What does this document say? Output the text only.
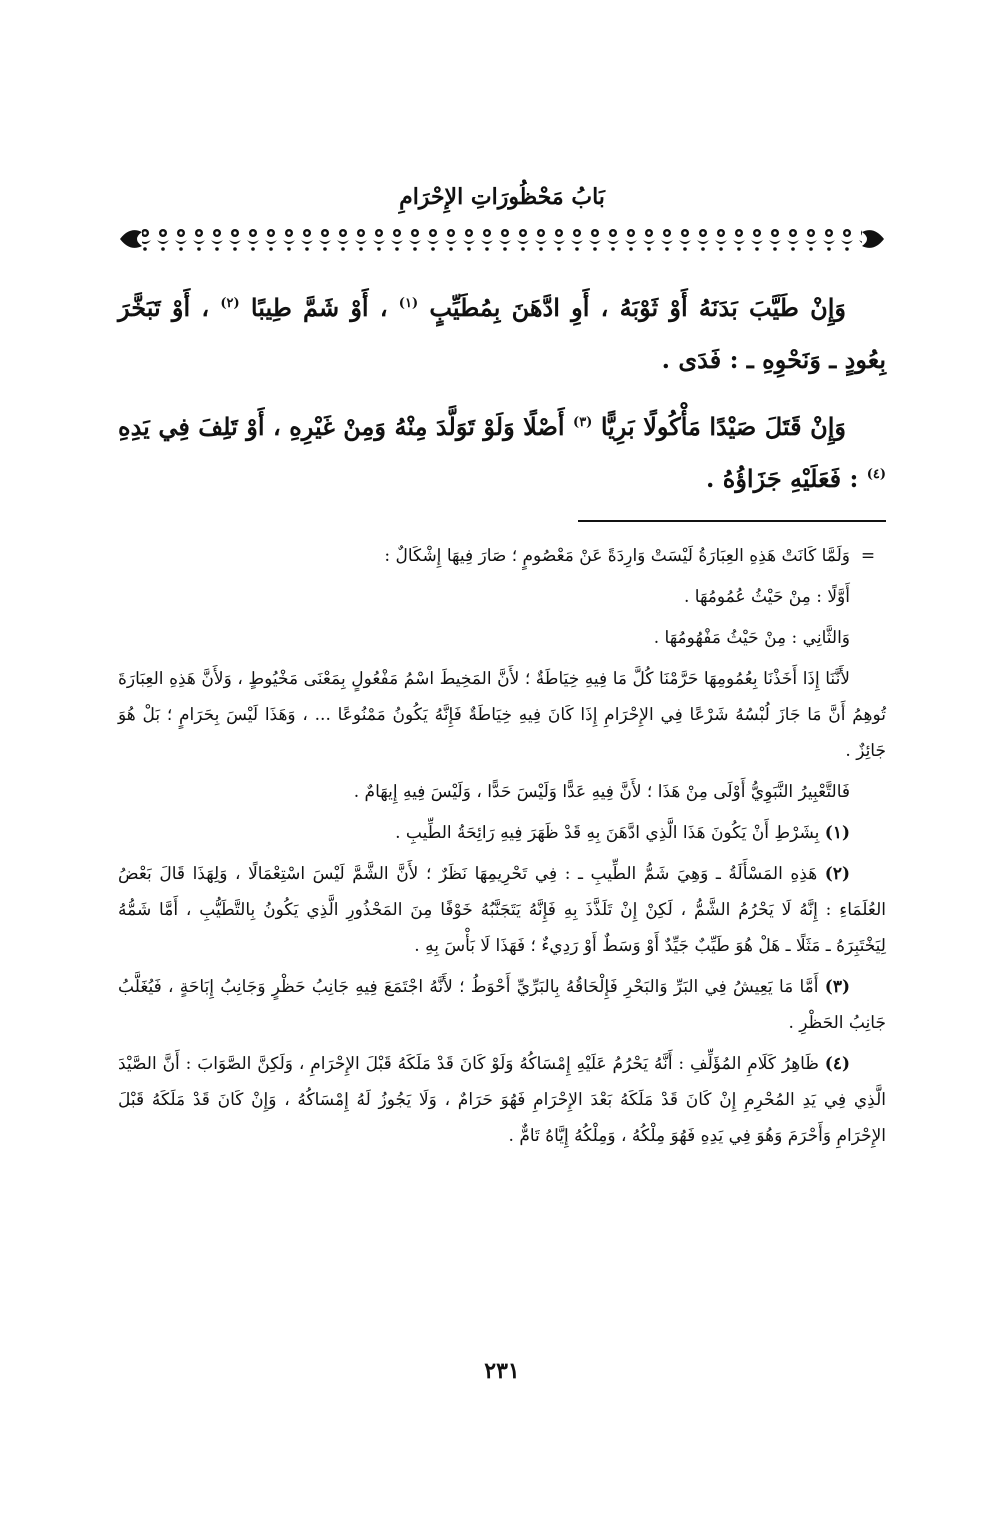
بَابُ مَحْظُورَاتِ الإِحْرَامِ

وَإِنْ طَيَّبَ بَدَنَهُ أَوْ ثَوْبَهُ ، أَوِ ادَّهَنَ بِمُطَيِّبٍ $^{(١)}$ ، أَوْ شَمَّ طِيبًا $^{(٢)}$ ، أَوْ تَبَخَّرَ بِعُودٍ ـ وَنَحْوِهِ ـ : فَدَى .

وَإِنْ قَتَلَ صَيْدًا مَأْكُولًا بَرِيًّا $^{(٣)}$ أَصْلًا وَلَوْ تَوَلَّدَ مِنْهُ وَمِنْ غَيْرِهِ ، أَوْ تَلِفَ فِي يَدِهِ $^{(٤)}$ : فَعَلَيْهِ جَزَاؤُهُ .

=وَلَمَّا كَانَتْ هَذِهِ العِبَارَةُ لَيْسَتْ وَارِدَةً عَنْ مَعْصُومٍ ؛ صَارَ فِيهَا إِشْكَالٌ :
أَوَّلًا : مِنْ حَيْثُ عُمُومُهَا .
وَالثَّانِي : مِنْ حَيْثُ مَفْهُومُهَا .
لأَنَّنَا إِذَا أَخَذْنَا بِعُمُومِهَا حَرَّمْنَا كُلَّ مَا فِيهِ خِيَاطَةٌ ؛ لأَنَّ المَخِيطَ اسْمُ مَفْعُولٍ بِمَعْنَى مَخْيُوطٍ ، وَلأَنَّ هَذِهِ العِبَارَةَ تُوهِمُ أَنَّ مَا جَازَ لُبْسُهُ شَرْعًا فِي الإِحْرَامِ إِذَا كَانَ فِيهِ خِيَاطَةٌ فَإِنَّهُ يَكُونُ مَمْنُوعًا ... ، وَهَذَا لَيْسَ بِحَرَامٍ ؛ بَلْ هُوَ جَائِزٌ .
فَالتَّعْبِيرُ النَّبَوِيُّ أَوْلَى مِنْ هَذَا ؛ لأَنَّ فِيهِ عَدًّا وَلَيْسَ حَدًّا ، وَلَيْسَ فِيهِ إِيهَامٌ .
(١) بِشَرْطِ أَنْ يَكُونَ هَذَا الَّذِي ادَّهَنَ بِهِ قَدْ ظَهَرَ فِيهِ رَائِحَةُ الطِّيبِ .
(٢) هَذِهِ المَسْأَلَةُ ـ وَهِيَ شَمُّ الطِّيبِ ـ : فِي تَحْرِيمِهَا نَظَرٌ ؛ لأَنَّ الشَّمَّ لَيْسَ اسْتِعْمَالًا ، وَلِهَذَا قَالَ بَعْضُ العُلَمَاءِ : إِنَّهُ لَا يَحْرُمُ الشَّمُّ ، لَكِنْ إِنْ تَلَذَّذَ بِهِ فَإِنَّهُ يَتَجَنَّبُهُ خَوْفًا مِنَ المَحْذُورِ الَّذِي يَكُونُ بِالتَّطَيُّبِ ، أَمَّا شَمُّهُ لِيَخْتَبِرَهُ ـ مَثَلًا ـ هَلْ هُوَ طَيِّبٌ جَيِّدٌ أَوْ وَسَطٌ أَوْ رَدِيءٌ ؛ فَهَذَا لَا بَأْسَ بِهِ .
(٣) أَمَّا مَا يَعِيشُ فِي البَرِّ وَالبَحْرِ فَإِلْحَاقُهُ بِالبَرِّيِّ أَحْوَطُ ؛ لأَنَّهُ اجْتَمَعَ فِيهِ جَانِبُ حَظْرٍ وَجَانِبُ إِبَاحَةٍ ، فَيُغَلَّبُ جَانِبُ الحَظْرِ .
(٤) ظَاهِرُ كَلَامِ المُؤَلِّفِ : أَنَّهُ يَحْرُمُ عَلَيْهِ إِمْسَاكُهُ وَلَوْ كَانَ قَدْ مَلَكَهُ قَبْلَ الإِحْرَامِ ، وَلَكِنَّ الصَّوَابَ : أَنَّ الصَّيْدَ الَّذِي فِي يَدِ المُحْرِمِ إِنْ كَانَ قَدْ مَلَكَهُ بَعْدَ الإِحْرَامِ فَهُوَ حَرَامٌ ، وَلَا يَجُوزُ لَهُ إِمْسَاكُهُ ، وَإِنْ كَانَ قَدْ مَلَكَهُ قَبْلَ الإِحْرَامِ وَأَحْرَمَ وَهُوَ فِي يَدِهِ فَهُوَ مِلْكُهُ ، وَمِلْكُهُ إِيَّاهُ تَامٌّ .
٢٣١
